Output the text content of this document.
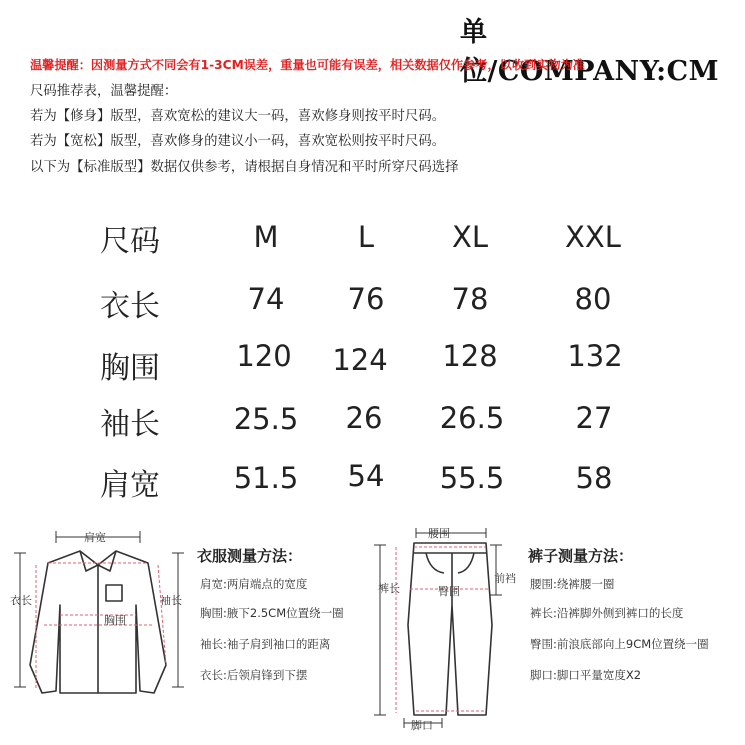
单位/COMPANY:CM
温馨提醒：因测量方式不同会有1-3CM误差，重量也可能有误差，相关数据仅作参考，以收到实物为准
尺码推荐表，温馨提醒：
若为【修身】版型，喜欢宽松的建议大一码，喜欢修身则按平时尺码。
若为【宽松】版型，喜欢修身的建议小一码，喜欢宽松则按平时尺码。
以下为【标准版型】数据仅供参考，请根据自身情况和平时所穿尺码选择
尺码	M	L	XL	XXL
衣长	74 76 78	80
胸围	120 124 128 132
袖长	25.5 26 26.5 27
肩宽	51.5 54 55.5 58
肩宽
衣长	袖长
胸围
衣服测量方法：
肩宽:两肩端点的宽度
胸围:腋下2.5CM位置绕一圈
袖长:袖子肩到袖口的距离
衣长:后领肩锋到下摆
腰围
裤长
前裆
臀围
脚口
裤子测量方法：
腰围:绕裤腰一圈
裤长:沿裤脚外侧到裤口的长度
臀围:前浪底部向上9CM位置绕一圈
脚口:脚口平量宽度X2
